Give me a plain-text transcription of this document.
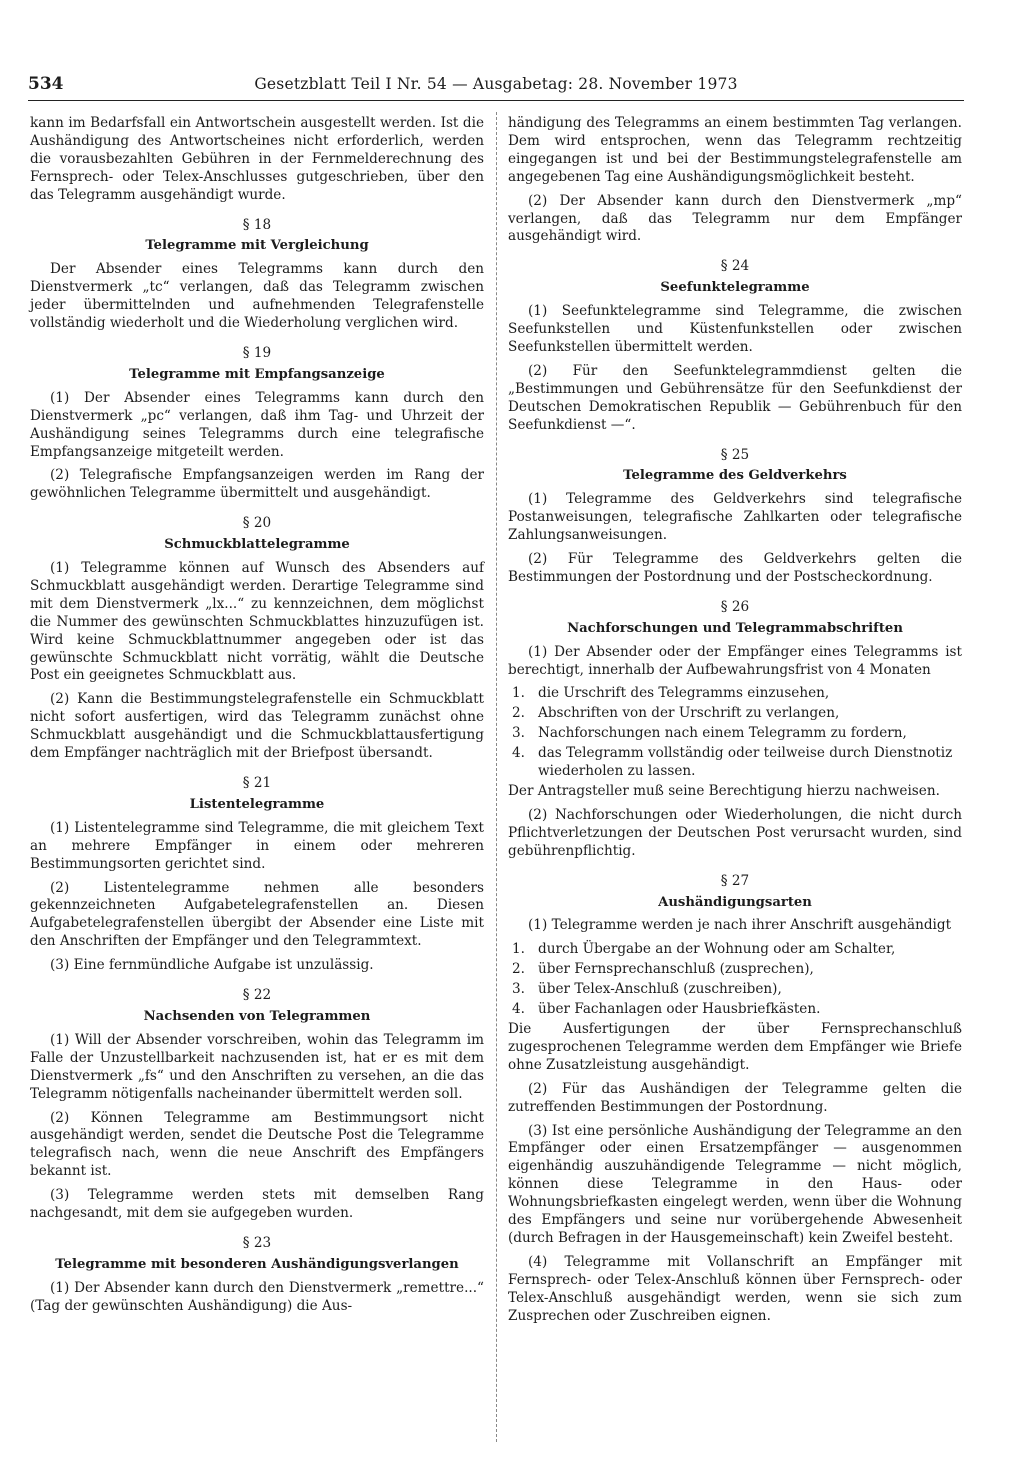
534	Gesetzblatt Teil I Nr. 54 — Ausgabetag: 28. November 1973

kann im Bedarfsfall ein Antwortschein ausgestellt werden. Ist die Aushändigung des Antwortscheines nicht erforderlich, werden die vorausbezahlten Gebühren in der Fernmelderechnung des Fernsprech- oder Telex-Anschlusses gutgeschrieben, über den das Telegramm ausgehändigt wurde.

§ 18
Telegramme mit Vergleichung

Der Absender eines Telegramms kann durch den Dienstvermerk „tc“ verlangen, daß das Telegramm zwischen jeder übermittelnden und aufnehmenden Telegrafenstelle vollständig wiederholt und die Wiederholung verglichen wird.

§ 19
Telegramme mit Empfangsanzeige

(1) Der Absender eines Telegramms kann durch den Dienstvermerk „pc“ verlangen, daß ihm Tag- und Uhrzeit der Aushändigung seines Telegramms durch eine telegrafische Empfangsanzeige mitgeteilt werden.

(2) Telegrafische Empfangsanzeigen werden im Rang der gewöhnlichen Telegramme übermittelt und ausgehändigt.

§ 20
Schmuckblattelegramme

(1) Telegramme können auf Wunsch des Absenders auf Schmuckblatt ausgehändigt werden. Derartige Telegramme sind mit dem Dienstvermerk „lx...“ zu kennzeichnen, dem möglichst die Nummer des gewünschten Schmuckblattes hinzuzufügen ist. Wird keine Schmuckblattnummer angegeben oder ist das gewünschte Schmuckblatt nicht vorrätig, wählt die Deutsche Post ein geeignetes Schmuckblatt aus.

(2) Kann die Bestimmungstelegrafenstelle ein Schmuckblatt nicht sofort ausfertigen, wird das Telegramm zunächst ohne Schmuckblatt ausgehändigt und die Schmuckblattausfertigung dem Empfänger nachträglich mit der Briefpost übersandt.

§ 21
Listentelegramme

(1) Listentelegramme sind Telegramme, die mit gleichem Text an mehrere Empfänger in einem oder mehreren Bestimmungsorten gerichtet sind.

(2) Listentelegramme nehmen alle besonders gekennzeichneten Aufgabetelegrafenstellen an. Diesen Aufgabetelegrafenstellen übergibt der Absender eine Liste mit den Anschriften der Empfänger und den Telegrammtext.

(3) Eine fernmündliche Aufgabe ist unzulässig.

§ 22
Nachsenden von Telegrammen

(1) Will der Absender vorschreiben, wohin das Telegramm im Falle der Unzustellbarkeit nachzusenden ist, hat er es mit dem Dienstvermerk „fs“ und den Anschriften zu versehen, an die das Telegramm nötigenfalls nacheinander übermittelt werden soll.

(2) Können Telegramme am Bestimmungsort nicht ausgehändigt werden, sendet die Deutsche Post die Telegramme telegrafisch nach, wenn die neue Anschrift des Empfängers bekannt ist.

(3) Telegramme werden stets mit demselben Rang nachgesandt, mit dem sie aufgegeben wurden.

§ 23
Telegramme mit besonderen Aushändigungsverlangen

(1) Der Absender kann durch den Dienstvermerk „remettre...“ (Tag der gewünschten Aushändigung) die Aus-

händigung des Telegramms an einem bestimmten Tag verlangen. Dem wird entsprochen, wenn das Telegramm rechtzeitig eingegangen ist und bei der Bestimmungstelegrafenstelle am angegebenen Tag eine Aushändigungsmöglichkeit besteht.

(2) Der Absender kann durch den Dienstvermerk „mp“ verlangen, daß das Telegramm nur dem Empfänger ausgehändigt wird.

§ 24
Seefunktelegramme

(1) Seefunktelegramme sind Telegramme, die zwischen Seefunkstellen und Küstenfunkstellen oder zwischen Seefunkstellen übermittelt werden.

(2) Für den Seefunktelegrammdienst gelten die „Bestimmungen und Gebührensätze für den Seefunkdienst der Deutschen Demokratischen Republik — Gebührenbuch für den Seefunkdienst —“.

§ 25
Telegramme des Geldverkehrs

(1) Telegramme des Geldverkehrs sind telegrafische Postanweisungen, telegrafische Zahlkarten oder telegrafische Zahlungsanweisungen.

(2) Für Telegramme des Geldverkehrs gelten die Bestimmungen der Postordnung und der Postscheckordnung.

§ 26
Nachforschungen und Telegrammabschriften

(1) Der Absender oder der Empfänger eines Telegramms ist berechtigt, innerhalb der Aufbewahrungsfrist von 4 Monaten

1. die Urschrift des Telegramms einzusehen,
2. Abschriften von der Urschrift zu verlangen,
3. Nachforschungen nach einem Telegramm zu fordern,
4. das Telegramm vollständig oder teilweise durch Dienstnotiz wiederholen zu lassen.

Der Antragsteller muß seine Berechtigung hierzu nachweisen.

(2) Nachforschungen oder Wiederholungen, die nicht durch Pflichtverletzungen der Deutschen Post verursacht wurden, sind gebührenpflichtig.

§ 27
Aushändigungsarten

(1) Telegramme werden je nach ihrer Anschrift ausgehändigt

1. durch Übergabe an der Wohnung oder am Schalter,
2. über Fernsprechanschluß (zusprechen),
3. über Telex-Anschluß (zuschreiben),
4. über Fachanlagen oder Hausbriefkästen.

Die Ausfertigungen der über Fernsprechanschluß zugesprochenen Telegramme werden dem Empfänger wie Briefe ohne Zusatzleistung ausgehändigt.

(2) Für das Aushändigen der Telegramme gelten die zutreffenden Bestimmungen der Postordnung.

(3) Ist eine persönliche Aushändigung der Telegramme an den Empfänger oder einen Ersatzempfänger — ausgenommen eigenhändig auszuhändigende Telegramme — nicht möglich, können diese Telegramme in den Haus- oder Wohnungsbriefkasten eingelegt werden, wenn über die Wohnung des Empfängers und seine nur vorübergehende Abwesenheit (durch Befragen in der Hausgemeinschaft) kein Zweifel besteht.

(4) Telegramme mit Vollanschrift an Empfänger mit Fernsprech- oder Telex-Anschluß können über Fernsprech- oder Telex-Anschluß ausgehändigt werden, wenn sie sich zum Zusprechen oder Zuschreiben eignen.
